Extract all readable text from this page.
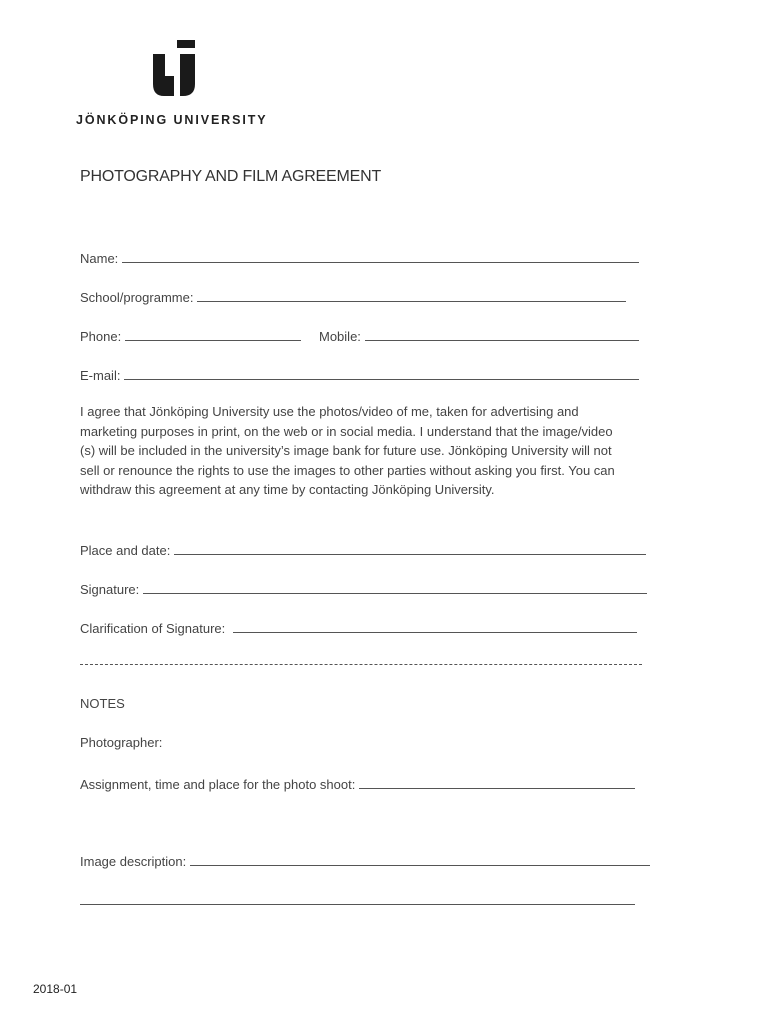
JÖNKÖPING UNIVERSITY
PHOTOGRAPHY AND FILM AGREEMENT
Name:
School/programme:
Phone:	Mobile:
E-mail:
I agree that Jönköping University use the photos/video of me, taken for advertising and
marketing purposes in print, on the web or in social media. I understand that the image/video
(s) will be included in the university’s image bank for future use. Jönköping University will not
sell or renounce the rights to use the images to other parties without asking you first. You can
withdraw this agreement at any time by contacting Jönköping University.
Place and date:
Signature:
Clarification of Signature:
NOTES
Photographer:
Assignment, time and place for the photo shoot:
Image description:
2018-01
